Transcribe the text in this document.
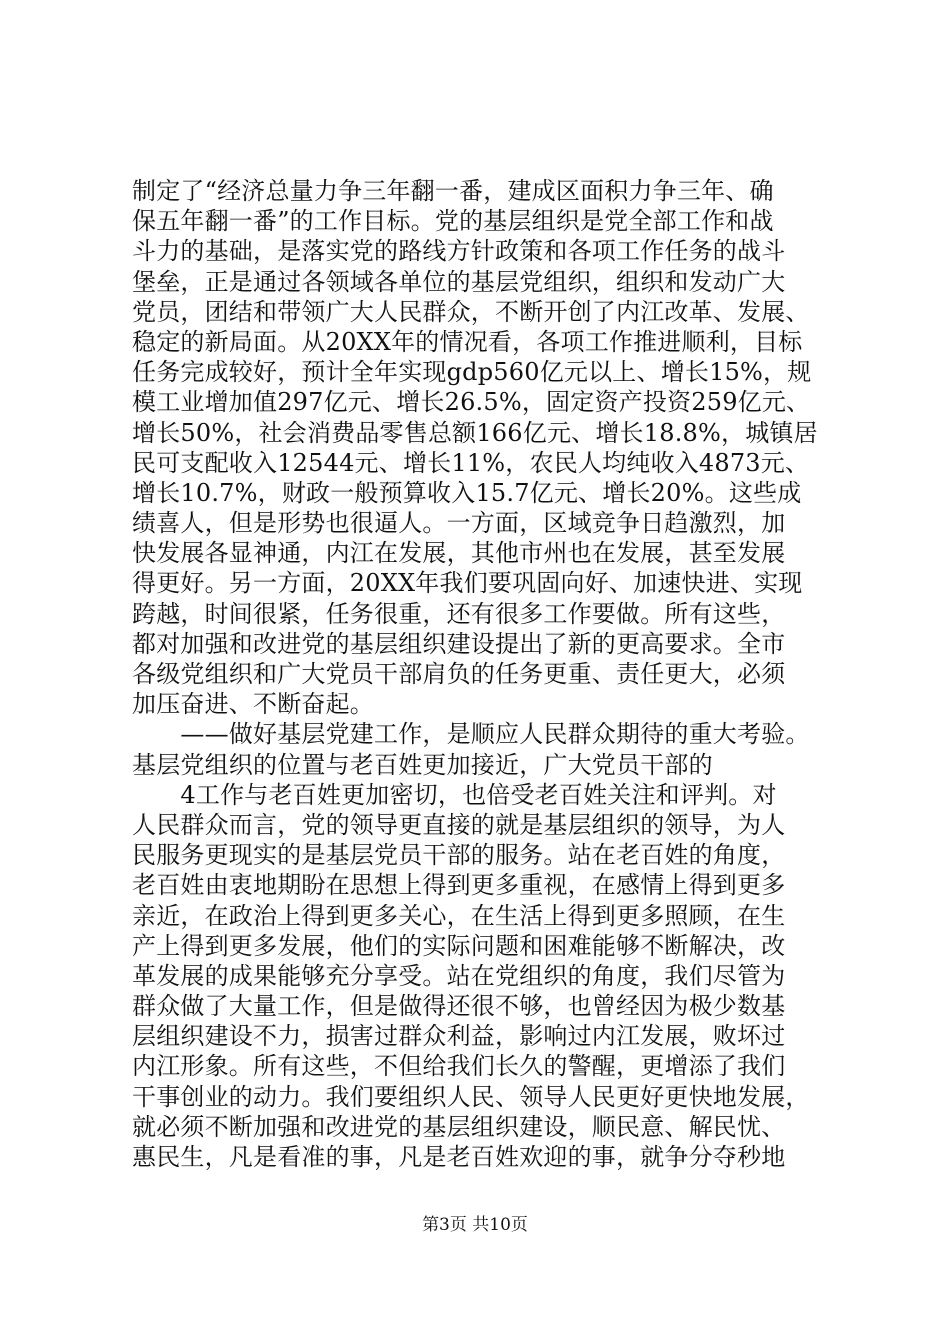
制定了“经济总量力争三年翻一番，建成区面积力争三年、确
保五年翻一番”的工作目标。党的基层组织是党全部工作和战
斗力的基础，是落实党的路线方针政策和各项工作任务的战斗
堡垒，正是通过各领域各单位的基层党组织，组织和发动广大
党员，团结和带领广大人民群众，不断开创了内江改革、发展、
稳定的新局面。从20XX年的情况看，各项工作推进顺利，目标
任务完成较好，预计全年实现gdp560亿元以上、增长15%，规
模工业增加值297亿元、增长26.5%，固定资产投资259亿元、
增长50%，社会消费品零售总额166亿元、增长18.8%，城镇居
民可支配收入12544元、增长11%，农民人均纯收入4873元、
增长10.7%，财政一般预算收入15.7亿元、增长20%。这些成
绩喜人，但是形势也很逼人。一方面，区域竞争日趋激烈，加
快发展各显神通，内江在发展，其他市州也在发展，甚至发展
得更好。另一方面，20XX年我们要巩固向好、加速快进、实现
跨越，时间很紧，任务很重，还有很多工作要做。所有这些，
都对加强和改进党的基层组织建设提出了新的更高要求。全市
各级党组织和广大党员干部肩负的任务更重、责任更大，必须
加压奋进、不断奋起。
　　——做好基层党建工作，是顺应人民群众期待的重大考验。
基层党组织的位置与老百姓更加接近，广大党员干部的
　　4工作与老百姓更加密切，也倍受老百姓关注和评判。对
人民群众而言，党的领导更直接的就是基层组织的领导，为人
民服务更现实的是基层党员干部的服务。站在老百姓的角度，
老百姓由衷地期盼在思想上得到更多重视，在感情上得到更多
亲近，在政治上得到更多关心，在生活上得到更多照顾，在生
产上得到更多发展，他们的实际问题和困难能够不断解决，改
革发展的成果能够充分享受。站在党组织的角度，我们尽管为
群众做了大量工作，但是做得还很不够，也曾经因为极少数基
层组织建设不力，损害过群众利益，影响过内江发展，败坏过
内江形象。所有这些，不但给我们长久的警醒，更增添了我们
干事创业的动力。我们要组织人民、领导人民更好更快地发展，
就必须不断加强和改进党的基层组织建设，顺民意、解民忧、
惠民生，凡是看准的事，凡是老百姓欢迎的事，就争分夺秒地
第3页 共10页
